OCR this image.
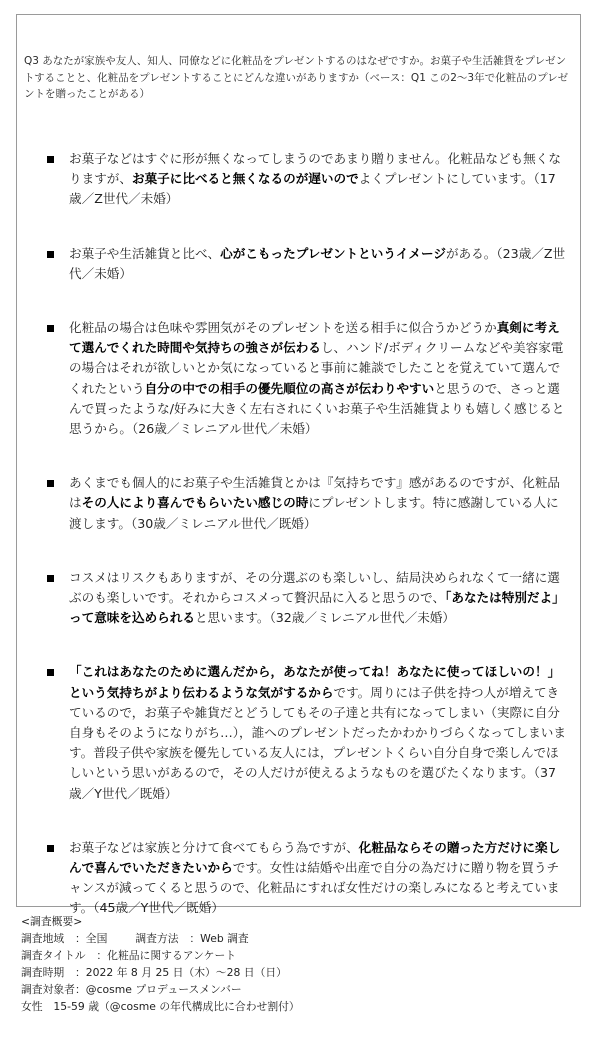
Q3 あなたが家族や友人、知人、同僚などに化粧品をプレゼントするのはなぜですか。お菓子や生活雑貨をプレゼントすることと、化粧品をプレゼントすることにどんな違いがありますか（ベース：Q1 この2～3年で化粧品のプレゼントを贈ったことがある）

お菓子などはすぐに形が無くなってしまうのであまり贈りません。化粧品なども無くなりますが、お菓子に比べると無くなるのが遅いのでよくプレゼントにしています。（17歳／Z世代／未婚）
お菓子や生活雑貨と比べ、心がこもったプレゼントというイメージがある。（23歳／Z世代／未婚）
化粧品の場合は色味や雰囲気がそのプレゼントを送る相手に似合うかどうか真剣に考えて選んでくれた時間や気持ちの強さが伝わるし、ハンド/ボディクリームなどや美容家電の場合はそれが欲しいとか気になっていると事前に雑談でしたことを覚えていて選んでくれたという自分の中での相手の優先順位の高さが伝わりやすいと思うので、さっと選んで買ったような/好みに大きく左右されにくいお菓子や生活雑貨よりも嬉しく感じると思うから。（26歳／ミレニアル世代／未婚）
あくまでも個人的にお菓子や生活雑貨とかは『気持ちです』感があるのですが、化粧品はその人により喜んでもらいたい感じの時にプレゼントします。特に感謝している人に渡します。（30歳／ミレニアル世代／既婚）
コスメはリスクもありますが、その分選ぶのも楽しいし、結局決められなくて一緒に選ぶのも楽しいです。それからコスメって贅沢品に入ると思うので、「あなたは特別だよ」って意味を込められると思います。（32歳／ミレニアル世代／未婚）
「これはあなたのために選んだから，あなたが使ってね！あなたに使ってほしいの！」という気持ちがより伝わるような気がするからです。周りには子供を持つ人が増えてきているので，お菓子や雑貨だとどうしてもその子達と共有になってしまい（実際に自分自身もそのようになりがち…），誰へのプレゼントだったかわかりづらくなってしまいます。普段子供や家族を優先している友人には，プレゼントくらい自分自身で楽しんでほしいという思いがあるので，その人だけが使えるようなものを選びたくなります。（37歳／Y世代／既婚）
お菓子などは家族と分けて食べてもらう為ですが、化粧品ならその贈った方だけに楽しんで喜んでいただきたいからです。女性は結婚や出産で自分の為だけに贈り物を買うチャンスが減ってくると思うので、化粧品にすれば女性だけの楽しみになると考えています。（45歳／Y世代／既婚）
<調査概要>
調査地域　：全国	調査方法　：Web 調査
調査タイトル　：化粧品に関するアンケート
調査時期　：2022 年 8 月 25 日（木）～28 日（日）
調査対象者：@cosme プロデュースメンバー
女性　15-59 歳（@cosme の年代構成比に合わせ割付）
